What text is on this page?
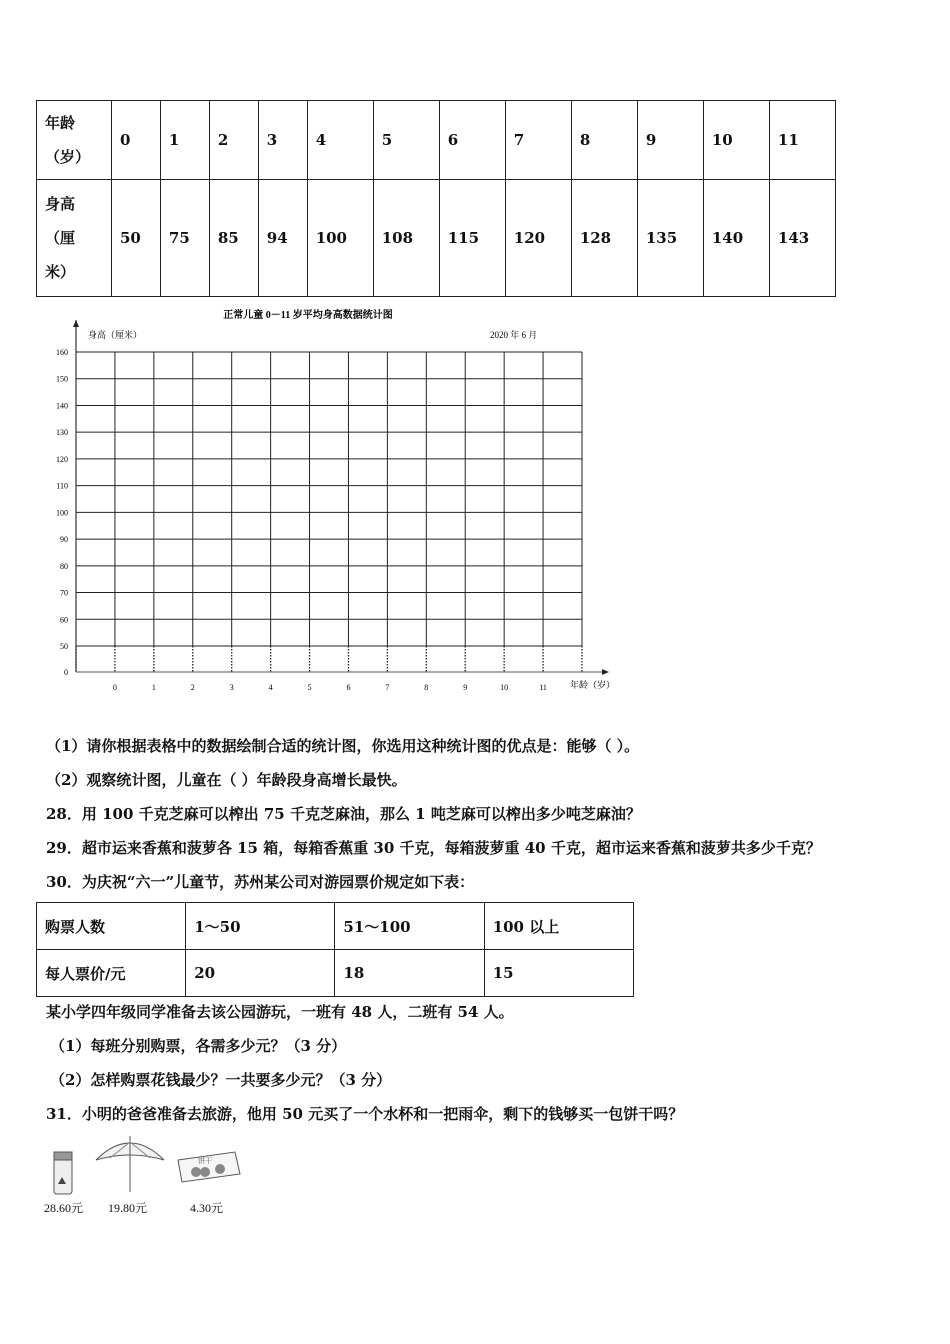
年龄
（岁）	0	1	2	3	4	5	6	7	8	9	10	11
身高
（厘
米）	50	75	85	94	100	108	115	120	128	135	140	143
正常儿童 0－11 岁平均身高数据统计图
身高（厘米）	2020 年 6 月
年龄（岁）
160
150
140
130
120
110
100
90
80
70
60
50
0
0	1	2	3	4	5	6	7	8	9	10	11
（1）请你根据表格中的数据绘制合适的统计图，你选用这种统计图的优点是：能够（ ）。
（2）观察统计图，儿童在（ ）年龄段身高增长最快。
28．用 100 千克芝麻可以榨出 75 千克芝麻油，那么 1 吨芝麻可以榨出多少吨芝麻油？
29．超市运来香蕉和菠萝各 15 箱，每箱香蕉重 30 千克，每箱菠萝重 40 千克，超市运来香蕉和菠萝共多少千克？
30．为庆祝“六一”儿童节，苏州某公司对游园票价规定如下表：
购票人数	1～50	51～100	100 以上
每人票价/元	20	18	15
某小学四年级同学准备去该公园游玩，一班有 48 人，二班有 54 人。
（1）每班分别购票，各需多少元？（3 分）
（2）怎样购票花钱最少？一共要多少元？（3 分）
31．小明的爸爸准备去旅游，他用 50 元买了一个水杯和一把雨伞，剩下的钱够买一包饼干吗？
饼干
28.60元 19.80元	4.30元
